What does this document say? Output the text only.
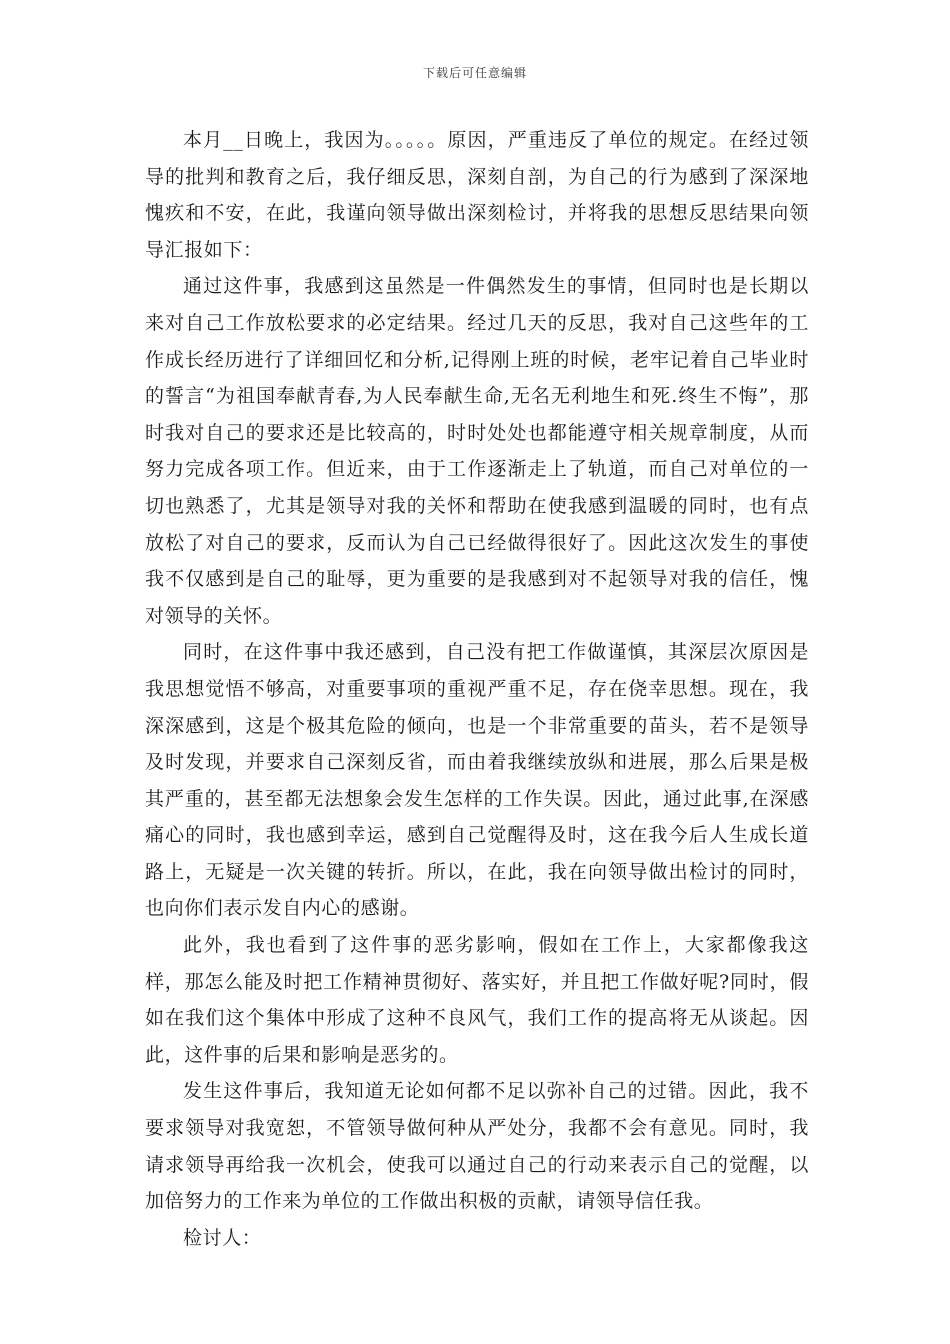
下载后可任意编辑

本月__日晚上，我因为。。。。。原因，严重违反了单位的规定。在经过领导的批判和教育之后，我仔细反思，深刻自剖，为自己的行为感到了深深地愧疚和不安，在此，我谨向领导做出深刻检讨，并将我的思想反思结果向领导汇报如下：

通过这件事，我感到这虽然是一件偶然发生的事情，但同时也是长期以来对自己工作放松要求的必定结果。经过几天的反思，我对自己这些年的工作成长经历进行了详细回忆和分析,记得刚上班的时候，老牢记着自己毕业时的誓言“为祖国奉献青春,为人民奉献生命,无名无利地生和死.终生不悔”，那时我对自己的要求还是比较高的，时时处处也都能遵守相关规章制度，从而努力完成各项工作。但近来，由于工作逐渐走上了轨道，而自己对单位的一切也熟悉了，尤其是领导对我的关怀和帮助在使我感到温暖的同时，也有点放松了对自己的要求，反而认为自己已经做得很好了。因此这次发生的事使我不仅感到是自己的耻辱，更为重要的是我感到对不起领导对我的信任，愧对领导的关怀。

同时，在这件事中我还感到，自己没有把工作做谨慎，其深层次原因是我思想觉悟不够高，对重要事项的重视严重不足，存在侥幸思想。现在，我深深感到，这是个极其危险的倾向，也是一个非常重要的苗头，若不是领导及时发现，并要求自己深刻反省，而由着我继续放纵和进展，那么后果是极其严重的，甚至都无法想象会发生怎样的工作失误。因此，通过此事,在深感痛心的同时，我也感到幸运，感到自己觉醒得及时，这在我今后人生成长道路上，无疑是一次关键的转折。所以，在此，我在向领导做出检讨的同时，也向你们表示发自内心的感谢。

此外，我也看到了这件事的恶劣影响，假如在工作上，大家都像我这样，那怎么能及时把工作精神贯彻好、落实好，并且把工作做好呢?同时，假如在我们这个集体中形成了这种不良风气，我们工作的提高将无从谈起。因此，这件事的后果和影响是恶劣的。

发生这件事后，我知道无论如何都不足以弥补自己的过错。因此，我不要求领导对我宽恕，不管领导做何种从严处分，我都不会有意见。同时，我请求领导再给我一次机会，使我可以通过自己的行动来表示自己的觉醒，以加倍努力的工作来为单位的工作做出积极的贡献，请领导信任我。

检讨人：
